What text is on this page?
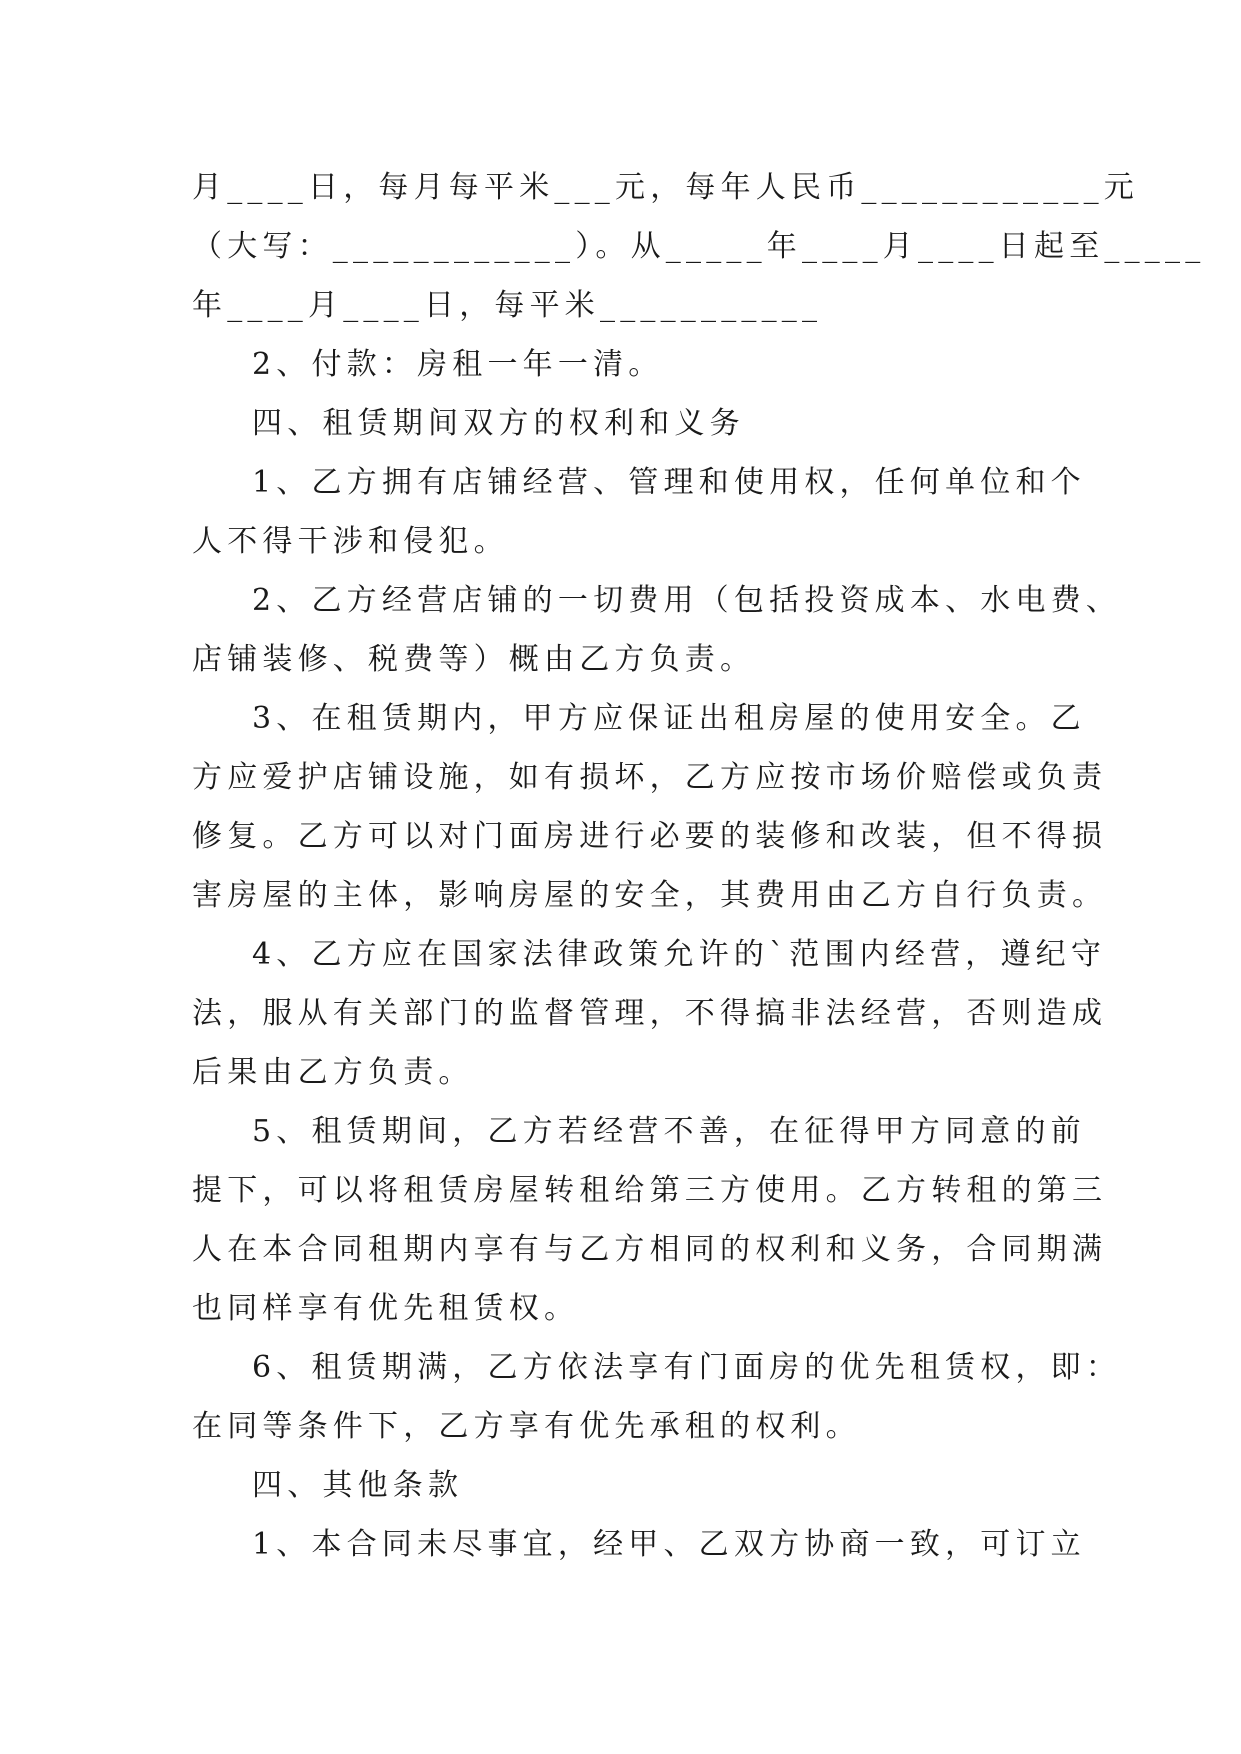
月____日，每月每平米___元，每年人民币____________元
（大写：____________）。从_____年____月____日起至_____
年____月____日，每平米___________
2、付款：房租一年一清。
四、租赁期间双方的权利和义务
1、乙方拥有店铺经营、管理和使用权，任何单位和个
人不得干涉和侵犯。
2、乙方经营店铺的一切费用（包括投资成本、水电费、
店铺装修、税费等）概由乙方负责。
3、在租赁期内，甲方应保证出租房屋的使用安全。乙
方应爱护店铺设施，如有损坏，乙方应按市场价赔偿或负责
修复。乙方可以对门面房进行必要的装修和改装，但不得损
害房屋的主体，影响房屋的安全，其费用由乙方自行负责。
4、乙方应在国家法律政策允许的`范围内经营，遵纪守
法，服从有关部门的监督管理，不得搞非法经营，否则造成
后果由乙方负责。
5、租赁期间，乙方若经营不善，在征得甲方同意的前
提下，可以将租赁房屋转租给第三方使用。乙方转租的第三
人在本合同租期内享有与乙方相同的权利和义务，合同期满
也同样享有优先租赁权。
6、租赁期满，乙方依法享有门面房的优先租赁权，即：
在同等条件下，乙方享有优先承租的权利。
四、其他条款
1、本合同未尽事宜，经甲、乙双方协商一致，可订立
